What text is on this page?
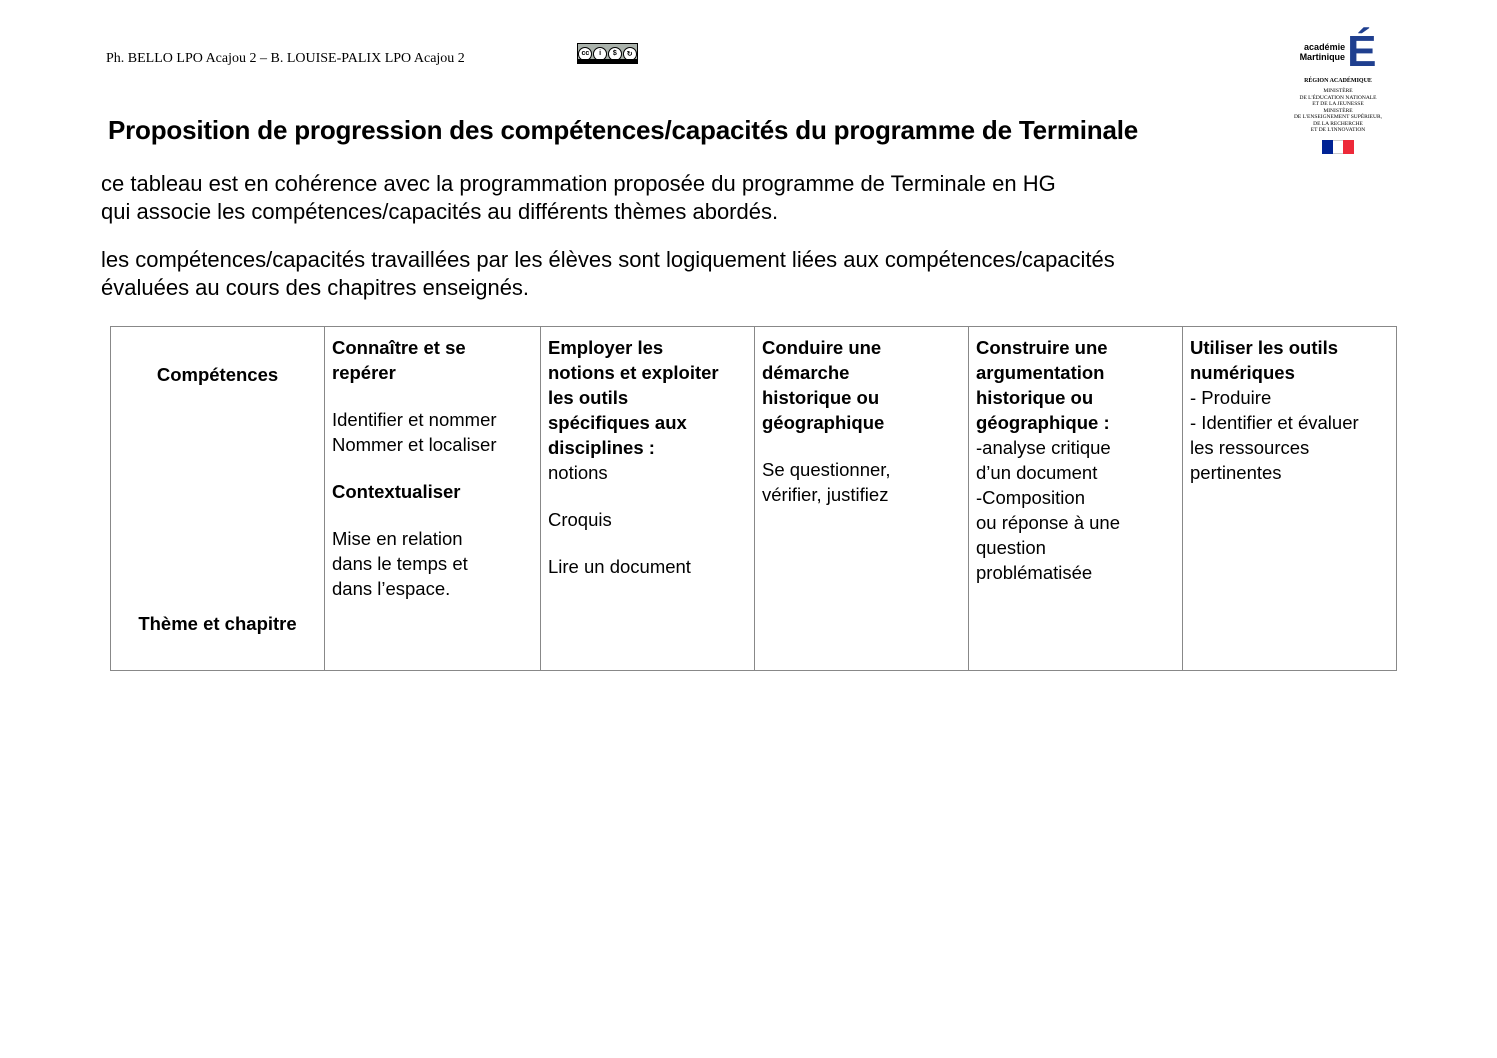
Ph. BELLO LPO Acajou 2 – B. LOUISE-PALIX LPO Acajou 2	cc	i	$	↻
académie
Martinique É
RÉGION ACADÉMIQUE
MINISTÈRE
DE L'ÉDUCATION NATIONALE
ET DE LA JEUNESSE
MINISTÈRE
DE L'ENSEIGNEMENT SUPÉRIEUR,
DE LA RECHERCHE
ET DE L'INNOVATION
Proposition de progression des compétences/capacités du programme de Terminale

ce tableau est en cohérence avec la programmation proposée du programme de Terminale en HG
qui associe les compétences/capacités au différents thèmes abordés.

les compétences/capacités travaillées par les élèves sont logiquement liées aux compétences/capacités
évaluées au cours des chapitres enseignés.

Compétences
Thème et chapitre
	Connaître et se
repérer
Identifier et nommer
Nommer et localiser
Contextualiser
Mise en relation
dans le temps et
dans l’espace.	Employer les
notions et exploiter
les outils
spécifiques aux
disciplines :
notions
Croquis
Lire un document	Conduire une
démarche
historique ou
géographique
Se questionner,
vérifier, justifiez	Construire une
argumentation
historique ou
géographique :
-analyse critique
d’un document
-Composition
ou réponse à une
question
problématisée	Utiliser les outils
numériques
- Produire
- Identifier et évaluer
les ressources
pertinentes
